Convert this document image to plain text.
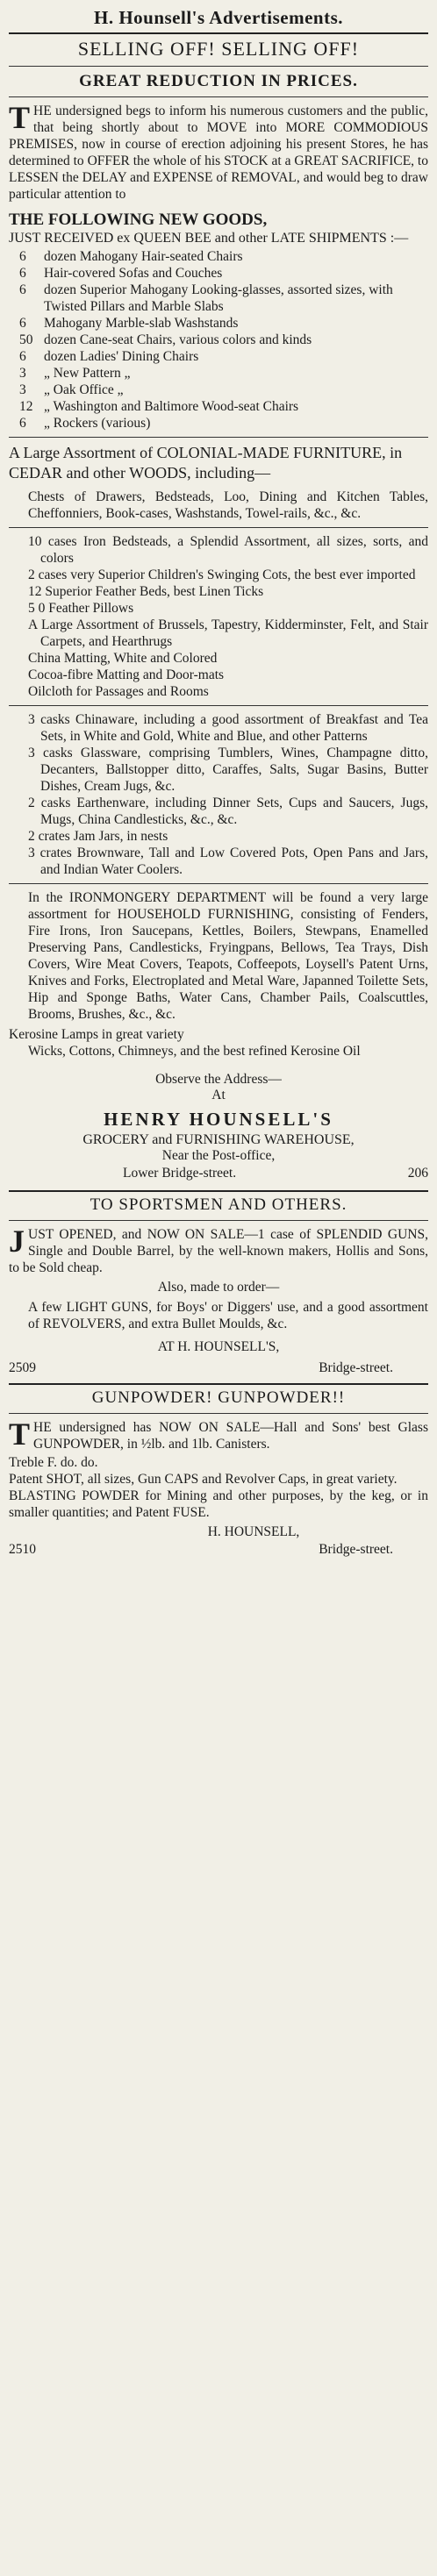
H. Hounsell's Advertisements.
SELLING OFF! SELLING OFF!
GREAT REDUCTION IN PRICES.

THE undersigned begs to inform his numerous customers and the public, that being shortly about to MOVE into MORE COMMODIOUS PREMISES, now in course of erection adjoining his present Stores, he has determined to OFFER the whole of his STOCK at a GREAT SACRIFICE, to LESSEN the DELAY and EXPENSE of REMOVAL, and would beg to draw particular attention to

THE FOLLOWING NEW GOODS,
JUST RECEIVED ex QUEEN BEE and other LATE SHIPMENTS :—
6 dozen Mahogany Hair-seated Chairs
6 Hair-covered Sofas and Couches
6 dozen Superior Mahogany Looking-glasses, assorted sizes, with Twisted Pillars and Marble Slabs
6 Mahogany Marble-slab Washstands
50 dozen Cane-seat Chairs, various colors and kinds
6 dozen Ladies' Dining Chairs
3 „ New Pattern „
3 „ Oak Office „
12 „ Washington and Baltimore Wood-seat Chairs
6 „ Rockers (various)
A Large Assortment of COLONIAL-MADE FURNITURE, in CEDAR and other WOODS, including—
Chests of Drawers, Bedsteads, Loo, Dining and Kitchen Tables, Cheffonniers, Book-cases, Washstands, Towel-rails, &c., &c.
10 cases Iron Bedsteads, a Splendid Assortment, all sizes, sorts, and colors
2 cases very Superior Children's Swinging Cots, the best ever imported
12 Superior Feather Beds, best Linen Ticks
5 0 Feather Pillows
A Large Assortment of Brussels, Tapestry, Kidderminster, Felt, and Stair Carpets, and Hearthrugs
China Matting, White and Colored
Cocoa-fibre Matting and Door-mats
Oilcloth for Passages and Rooms
3 casks Chinaware, including a good assortment of Breakfast and Tea Sets, in White and Gold, White and Blue, and other Patterns
3 casks Glassware, comprising Tumblers, Wines, Champagne ditto, Decanters, Ballstopper ditto, Caraffes, Salts, Sugar Basins, Butter Dishes, Cream Jugs, &c.
2 casks Earthenware, including Dinner Sets, Cups and Saucers, Jugs, Mugs, China Candlesticks, &c., &c.
2 crates Jam Jars, in nests
3 crates Brownware, Tall and Low Covered Pots, Open Pans and Jars, and Indian Water Coolers.

In the IRONMONGERY DEPARTMENT will be found a very large assortment for HOUSEHOLD FURNISHING, consisting of Fenders, Fire Irons, Iron Saucepans, Kettles, Boilers, Stewpans, Enamelled Preserving Pans, Candlesticks, Fryingpans, Bellows, Tea Trays, Dish Covers, Wire Meat Covers, Teapots, Coffeepots, Loysell's Patent Urns, Knives and Forks, Electroplated and Metal Ware, Japanned Toilette Sets, Hip and Sponge Baths, Water Cans, Chamber Pails, Coalscuttles, Brooms, Brushes, &c., &c.

Kerosine Lamps in great variety
Wicks, Cottons, Chimneys, and the best refined Kerosine Oil
Observe the Address—
At
HENRY HOUNSELL'S
GROCERY and FURNISHING WAREHOUSE,
Near the Post-office,
Lower Bridge-street.	206
TO SPORTSMEN AND OTHERS.

JUST OPENED, and NOW ON SALE—1 case of SPLENDID GUNS, Single and Double Barrel, by the well-known makers, Hollis and Sons, to be Sold cheap.

Also, made to order—

A few LIGHT GUNS, for Boys' or Diggers' use, and a good assortment of REVOLVERS, and extra Bullet Moulds, &c.

AT H. HOUNSELL'S,
2509	Bridge-street.
GUNPOWDER! GUNPOWDER!!

THE undersigned has NOW ON SALE—Hall and Sons' best Glass GUNPOWDER, in ½lb. and 1lb. Canisters.

Treble F. do. do.
Patent SHOT, all sizes, Gun CAPS and Revolver Caps, in great variety.
BLASTING POWDER for Mining and other purposes, by the keg, or in smaller quantities; and Patent FUSE.
H. HOUNSELL,
2510	Bridge-street.
